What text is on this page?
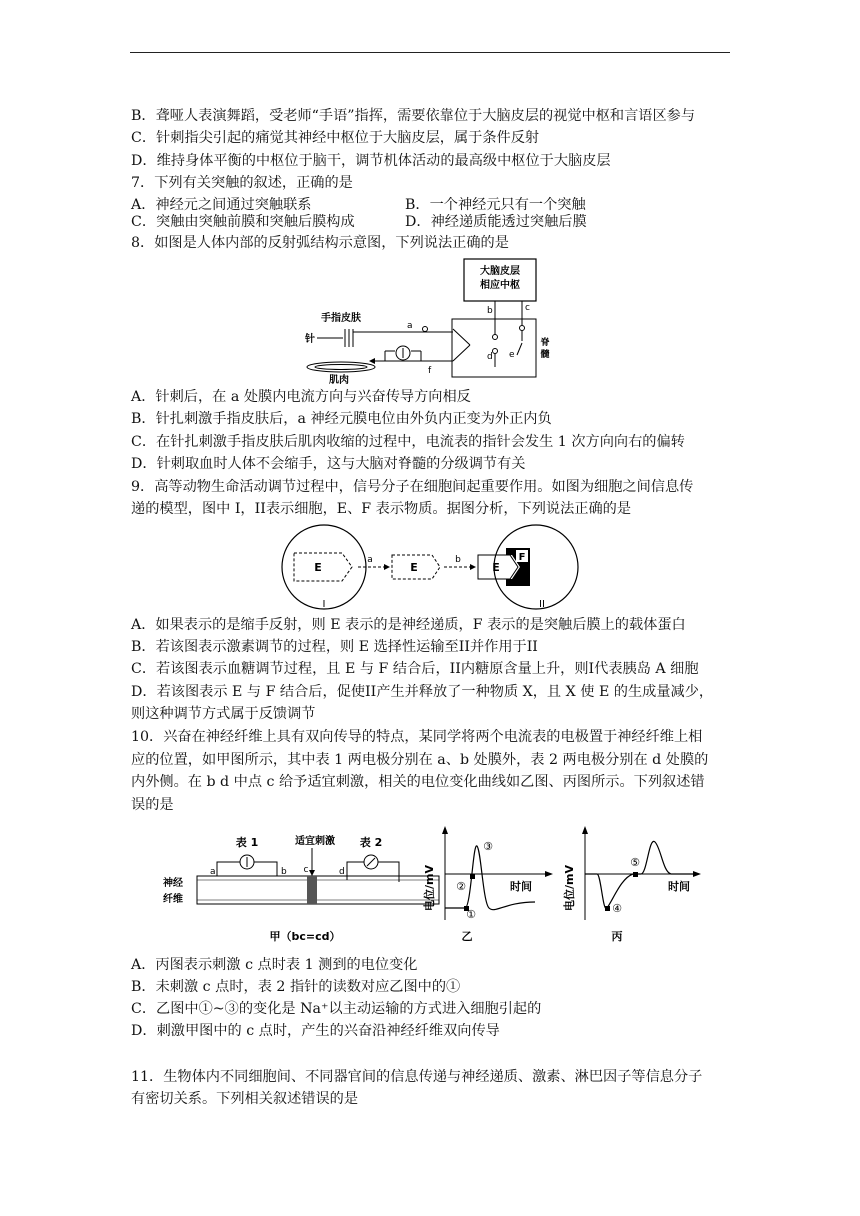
B．聋哑人表演舞蹈，受老师“手语”指挥，需要依靠位于大脑皮层的视觉中枢和言语区参与
C．针刺指尖引起的痛觉其神经中枢位于大脑皮层，属于条件反射
D．维持身体平衡的中枢位于脑干，调节机体活动的最高级中枢位于大脑皮层
7．下列有关突触的叙述，正确的是
A．神经元之间通过突触联系	B．一个神经元只有一个突触
C．突触由突触前膜和突触后膜构成	D．神经递质能透过突触后膜
8．如图是人体内部的反射弧结构示意图，下列说法正确的是
大脑皮层
相应中枢
脊
髓
b	c
e
d
手指皮肤
针
a
f
肌肉
A．针刺后，在 a 处膜内电流方向与兴奋传导方向相反
B．针扎刺激手指皮肤后，a 神经元膜电位由外负内正变为外正内负
C．在针扎刺激手指皮肤后肌肉收缩的过程中，电流表的指针会发生 1 次方向向右的偏转
D．针刺取血时人体不会缩手，这与大脑对脊髓的分级调节有关
9．高等动物生命活动调节过程中，信号分子在细胞间起重要作用。如图为细胞之间信息传
递的模型，图中 I，II表示细胞，E、F 表示物质。据图分析，下列说法正确的是
E
I
a
E
b
E
F
II
A．如果表示的是缩手反射，则 E 表示的是神经递质，F 表示的是突触后膜上的载体蛋白
B．若该图表示激素调节的过程，则 E 选择性运输至II并作用于II
C．若该图表示血糖调节过程，且 E 与 F 结合后，II内糖原含量上升，则I代表胰岛 A 细胞
D．若该图表示 E 与 F 结合后，促使II产生并释放了一种物质 X，且 X 使 E 的生成量减少，
则这种调节方式属于反馈调节
10．兴奋在神经纤维上具有双向传导的特点，某同学将两个电流表的电极置于神经纤维上相
应的位置，如甲图所示，其中表 1 两电极分别在 a、b 处膜外，表 2 两电极分别在 d 处膜的
内外侧。在 b d 中点 c 给予适宜刺激，相关的电位变化曲线如乙图、丙图所示。下列叙述错
误的是
神经
纤维
适宜刺激
c
表 1
a	b
表 2
d
甲（bc=cd）
电位/mV	时间
①
②
③
乙
电位/mV	时间
④
⑤
丙
A．丙图表示刺激 c 点时表 1 测到的电位变化
B．未刺激 c 点时，表 2 指针的读数对应乙图中的①
C．乙图中①~③的变化是 Na⁺以主动运输的方式进入细胞引起的
D．刺激甲图中的 c 点时，产生的兴奋沿神经纤维双向传导
11．生物体内不同细胞间、不同器官间的信息传递与神经递质、激素、淋巴因子等信息分子
有密切关系。下列相关叙述错误的是
